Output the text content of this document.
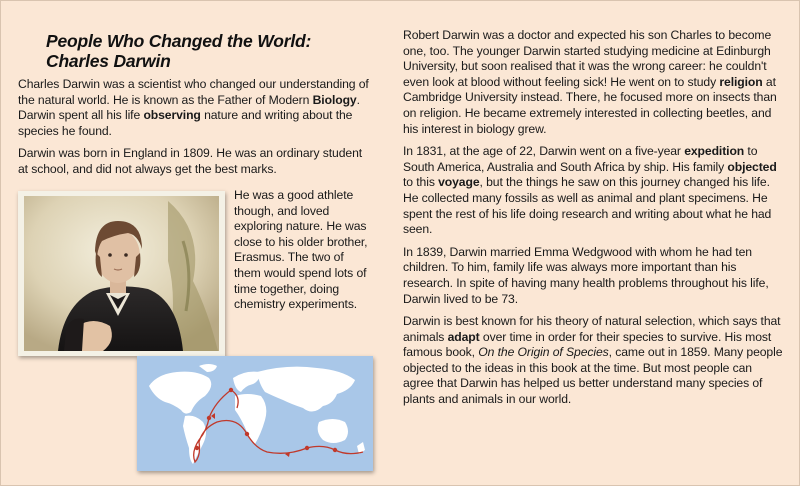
People Who Changed the World:
Charles Darwin

Charles Darwin was a scientist who changed our understanding of the natural world. He is known as the Father of Modern Biology. Darwin spent all his life observing nature and writing about the species he found.

Darwin was born in England in 1809. He was an ordinary student at school, and did not always get the best marks.

He was a good athlete though, and loved exploring nature. He was close to his older brother, Erasmus. The two of them would spend lots of time together, doing chemistry experiments.

Robert Darwin was a doctor and expected his son Charles to become one, too. The younger Darwin started studying medicine at Edinburgh University, but soon realised that it was the wrong career: he couldn't even look at blood without feeling sick! He went on to study religion at Cambridge University instead. There, he focused more on insects than on religion. He became extremely interested in collecting beetles, and his interest in biology grew.

In 1831, at the age of 22, Darwin went on a five-year expedition to South America, Australia and South Africa by ship. His family objected to this voyage, but the things he saw on this journey changed his life. He collected many fossils as well as animal and plant specimens. He spent the rest of his life doing research and writing about what he had seen.

In 1839, Darwin married Emma Wedgwood with whom he had ten children. To him, family life was always more important than his research. In spite of having many health problems throughout his life, Darwin lived to be 73.

Darwin is best known for his theory of natural selection, which says that animals adapt over time in order for their species to survive. His most famous book, On the Origin of Species, came out in 1859. Many people objected to the ideas in this book at the time. But most people can agree that Darwin has helped us better understand many species of plants and animals in our world.
